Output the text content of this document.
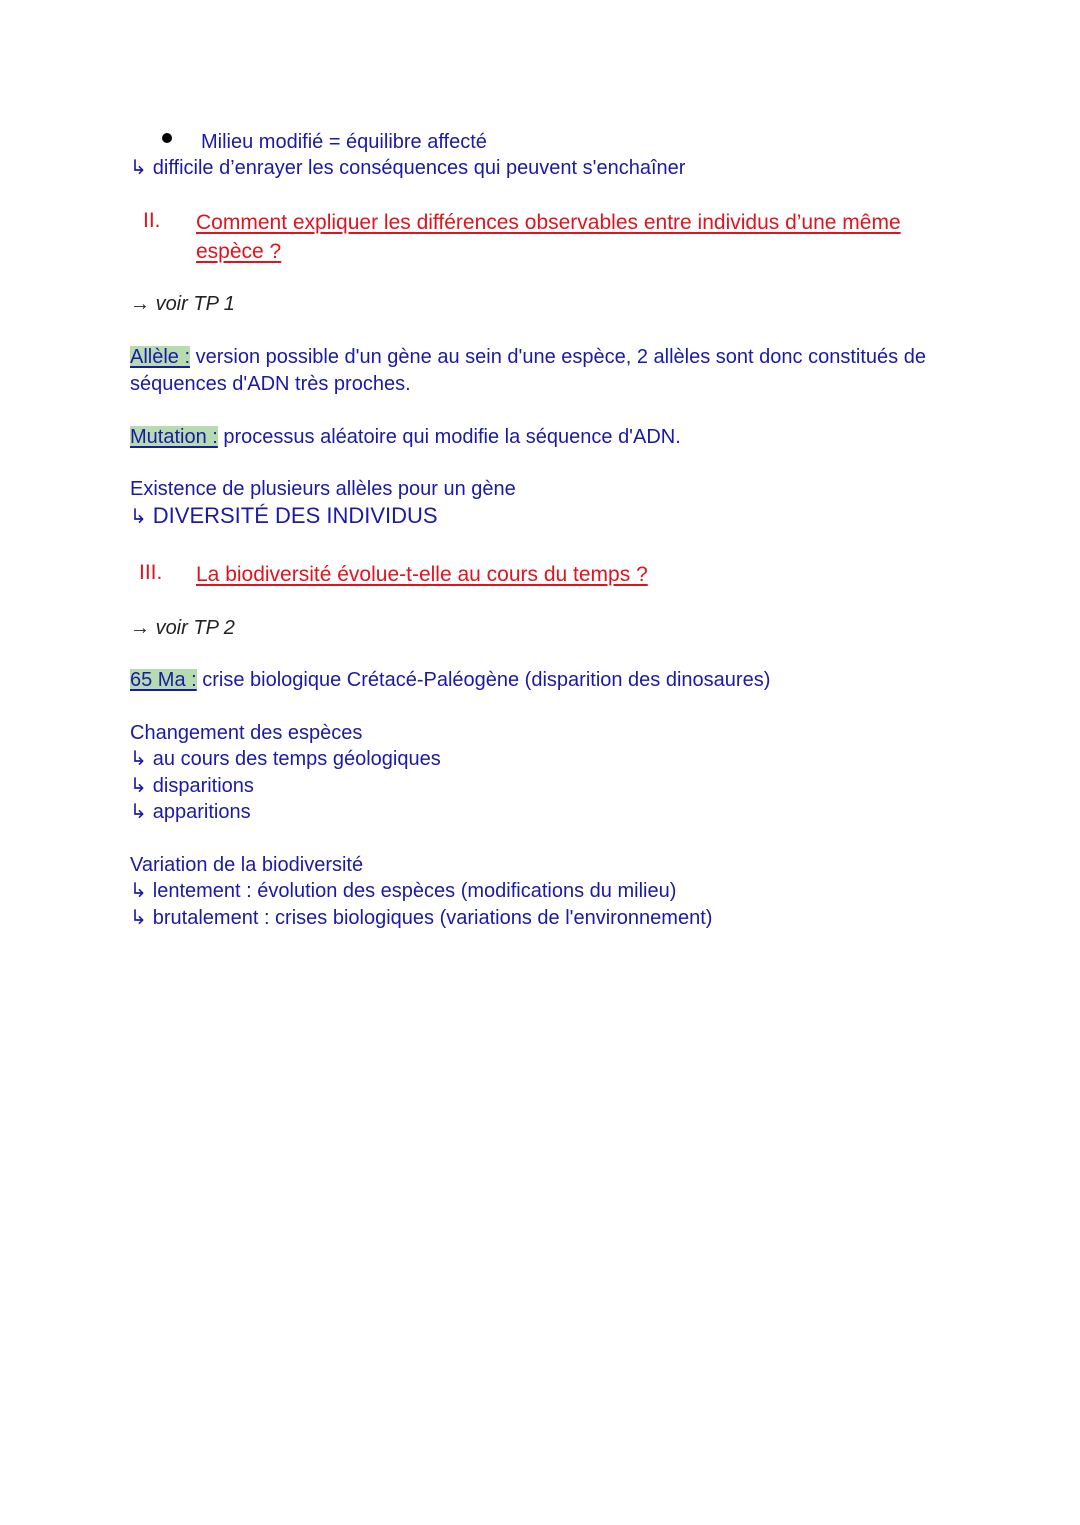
Milieu modifié = équilibre affecté
↳ difficile d’enrayer les conséquences qui peuvent s'enchaîner
II. Comment expliquer les différences observables entre individus d’une même
espèce ?
→ voir TP 1
Allèle : version possible d'un gène au sein d'une espèce, 2 allèles sont donc constitués de
séquences d'ADN très proches.
Mutation : processus aléatoire qui modifie la séquence d'ADN.
Existence de plusieurs allèles pour un gène
↳ DIVERSITÉ DES INDIVIDUS
III. La biodiversité évolue-t-elle au cours du temps ?
→ voir TP 2
65 Ma : crise biologique Crétacé-Paléogène (disparition des dinosaures)
Changement des espèces
↳ au cours des temps géologiques
↳ disparitions
↳ apparitions
Variation de la biodiversité
↳ lentement : évolution des espèces (modifications du milieu)
↳ brutalement : crises biologiques (variations de l'environnement)
